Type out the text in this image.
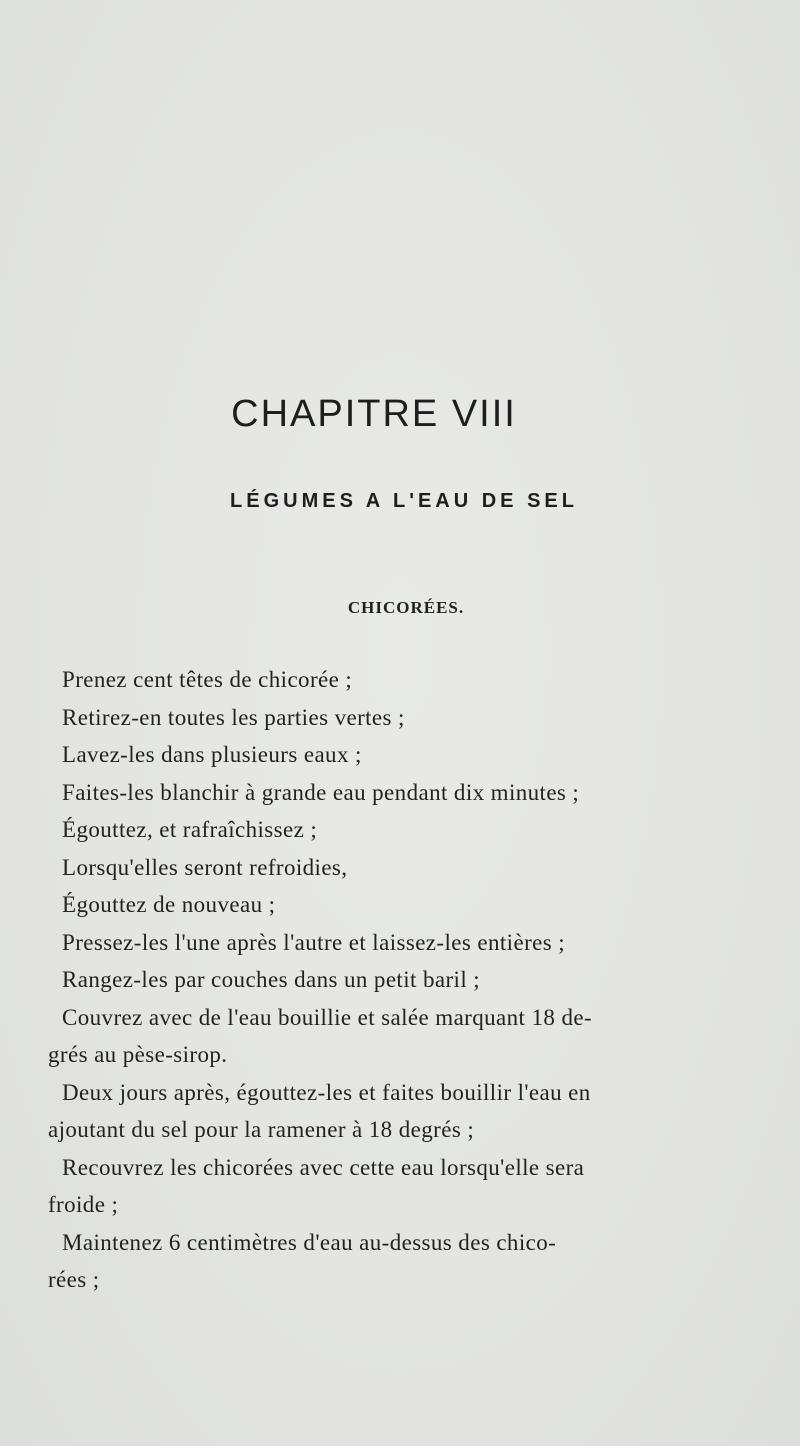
CHAPITRE VIII
LÉGUMES A L'EAU DE SEL
CHICORÉES.
Prenez cent têtes de chicorée ;
Retirez-en toutes les parties vertes ;
Lavez-les dans plusieurs eaux ;
Faites-les blanchir à grande eau pendant dix minutes ;
Égouttez, et rafraîchissez ;
Lorsqu'elles seront refroidies,
Égouttez de nouveau ;
Pressez-les l'une après l'autre et laissez-les entières ;
Rangez-les par couches dans un petit baril ;
Couvrez avec de l'eau bouillie et salée marquant 18 de-
grés au pèse-sirop.
Deux jours après, égouttez-les et faites bouillir l'eau en
ajoutant du sel pour la ramener à 18 degrés ;
Recouvrez les chicorées avec cette eau lorsqu'elle sera
froide ;
Maintenez 6 centimètres d'eau au-dessus des chico-
rées ;
